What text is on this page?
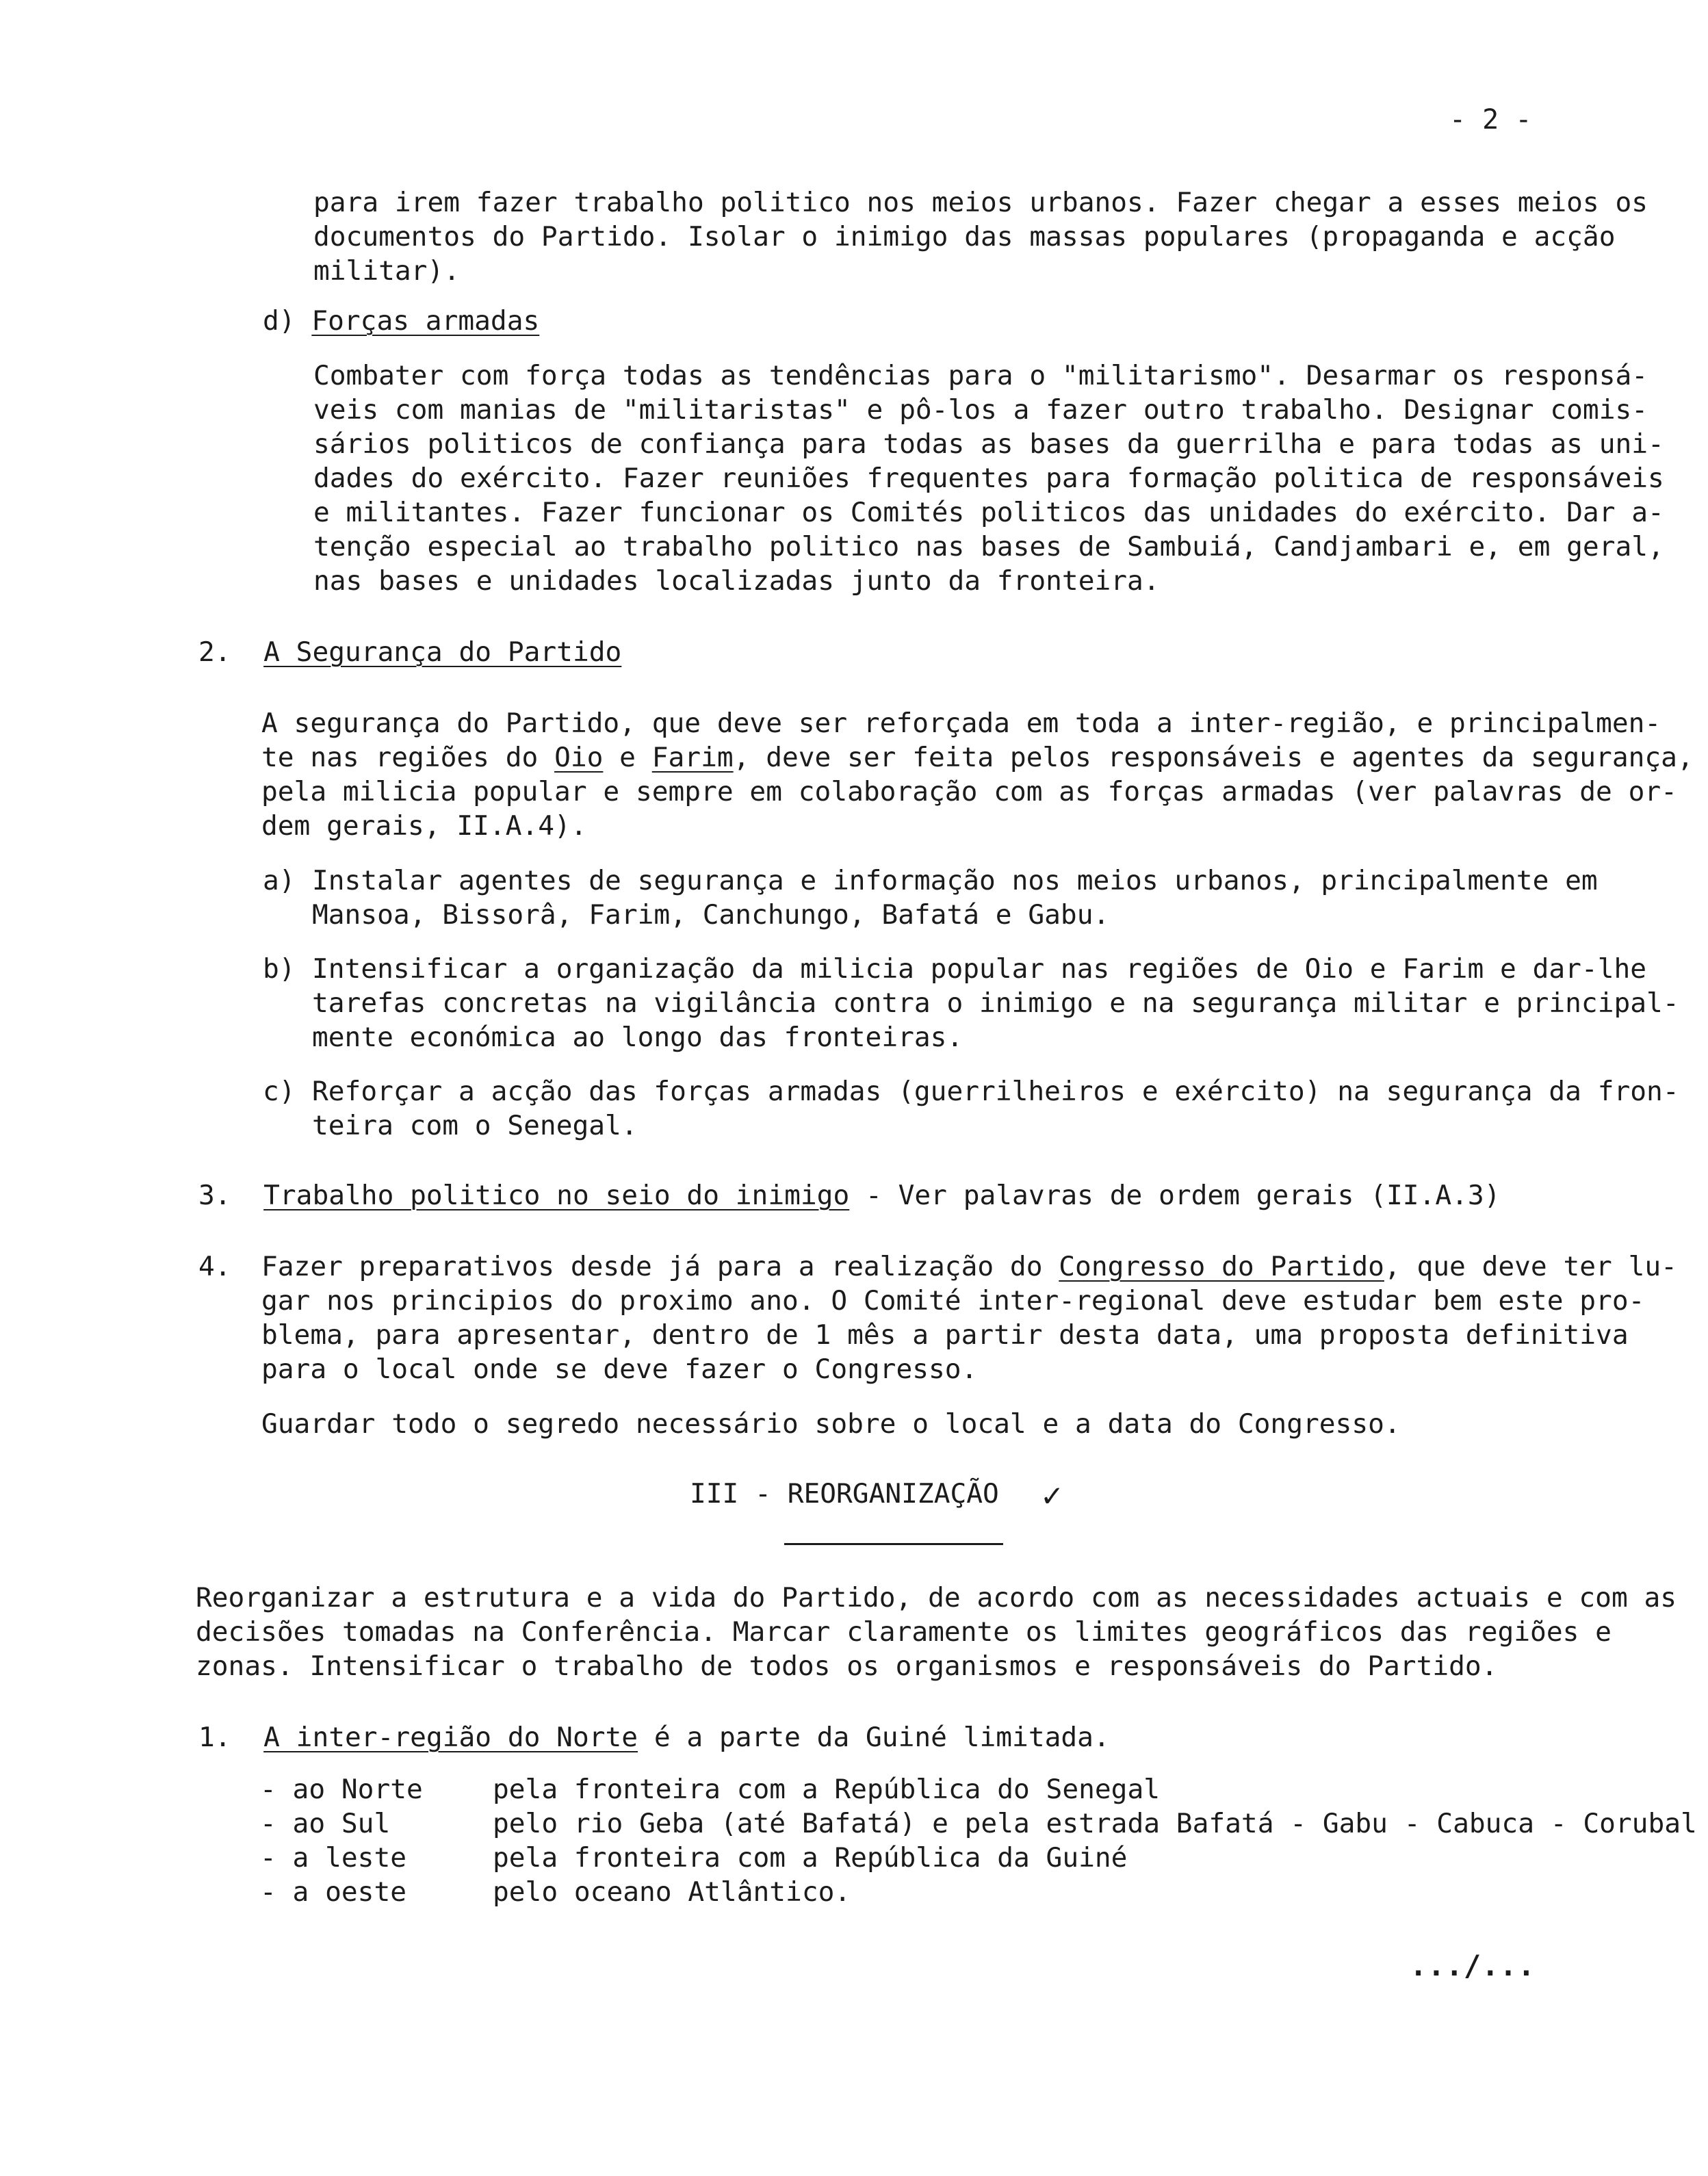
- 2 -
para irem fazer trabalho politico nos meios urbanos. Fazer chegar a esses meios os
documentos do Partido. Isolar o inimigo das massas populares (propaganda e acção
militar).
d) Forças armadas
Combater com força todas as tendências para o "militarismo". Desarmar os responsá-
veis com manias de "militaristas" e pô-los a fazer outro trabalho. Designar comis-
sários politicos de confiança para todas as bases da guerrilha e para todas as uni-
dades do exército. Fazer reuniões frequentes para formação politica de responsáveis
e militantes. Fazer funcionar os Comités politicos das unidades do exército. Dar a-
tenção especial ao trabalho politico nas bases de Sambuiá, Candjambari e, em geral,
nas bases e unidades localizadas junto da fronteira.
2. A Segurança do Partido
A segurança do Partido, que deve ser reforçada em toda a inter-região, e principalmen-
te nas regiões do Oio e Farim, deve ser feita pelos responsáveis e agentes da segurança,
pela milicia popular e sempre em colaboração com as forças armadas (ver palavras de or-
dem gerais, II.A.4).
a) Instalar agentes de segurança e informação nos meios urbanos, principalmente em
Mansoa, Bissorâ, Farim, Canchungo, Bafatá e Gabu.
b) Intensificar a organização da milicia popular nas regiões de Oio e Farim e dar-lhe
tarefas concretas na vigilância contra o inimigo e na segurança militar e principal-
mente económica ao longo das fronteiras.
c) Reforçar a acção das forças armadas (guerrilheiros e exército) na segurança da fron-
teira com o Senegal.
3. Trabalho politico no seio do inimigo - Ver palavras de ordem gerais (II.A.3)
4. Fazer preparativos desde já para a realização do Congresso do Partido, que deve ter lu-
gar nos principios do proximo ano. O Comité inter-regional deve estudar bem este pro-
blema, para apresentar, dentro de 1 mês a partir desta data, uma proposta definitiva
para o local onde se deve fazer o Congresso.
Guardar todo o segredo necessário sobre o local e a data do Congresso.
III - REORGANIZAÇÃO ✓
Reorganizar a estrutura e a vida do Partido, de acordo com as necessidades actuais e com as
decisões tomadas na Conferência. Marcar claramente os limites geográficos das regiões e
zonas. Intensificar o trabalho de todos os organismos e responsáveis do Partido.
1. A inter-região do Norte é a parte da Guiné limitada.
- ao Norte	pela fronteira com a República do Senegal
- ao Sul	pelo rio Geba (até Bafatá) e pela estrada Bafatá - Gabu - Cabuca - Corubal
- a leste	pela fronteira com a República da Guiné
- a oeste	pelo oceano Atlântico.
.../...
